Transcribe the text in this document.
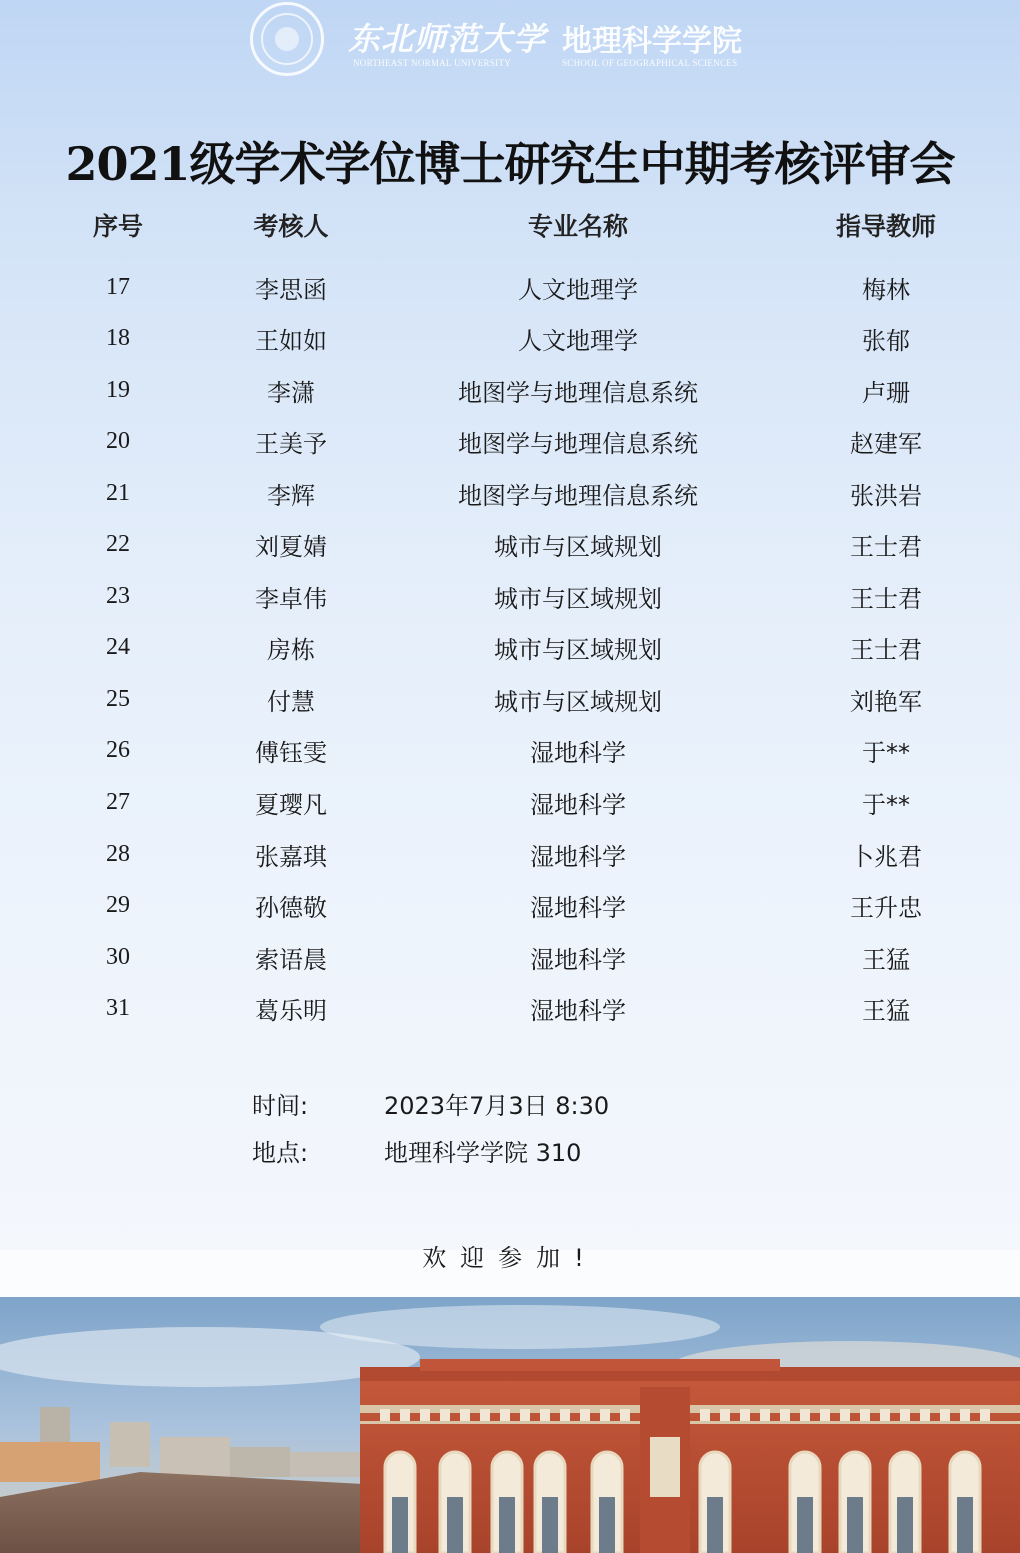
东北师范大学 地理科学学院
NORTHEAST NORMAL UNIVERSITY	SCHOOL OF GEOGRAPHICAL SCIENCES
2021级学术学位博士研究生中期考核评审会
序号	考核人	专业名称	指导教师
17	李思函	人文地理学	梅林
18	王如如	人文地理学	张郁
19	李潇	地图学与地理信息系统	卢珊
20	王美予	地图学与地理信息系统	赵建军
21	李辉	地图学与地理信息系统	张洪岩
22	刘夏婧	城市与区域规划	王士君
23	李卓伟	城市与区域规划	王士君
24	房栋	城市与区域规划	王士君
25	付慧	城市与区域规划	刘艳军
26	傅钰雯	湿地科学	于**
27	夏璎凡	湿地科学	于**
28	张嘉琪	湿地科学	卜兆君
29	孙德敬	湿地科学	王升忠
30	索语晨	湿地科学	王猛
31	葛乐明	湿地科学	王猛
时间:	2023年7月3日 8:30
地点:	地理科学学院 310
欢迎参加!
